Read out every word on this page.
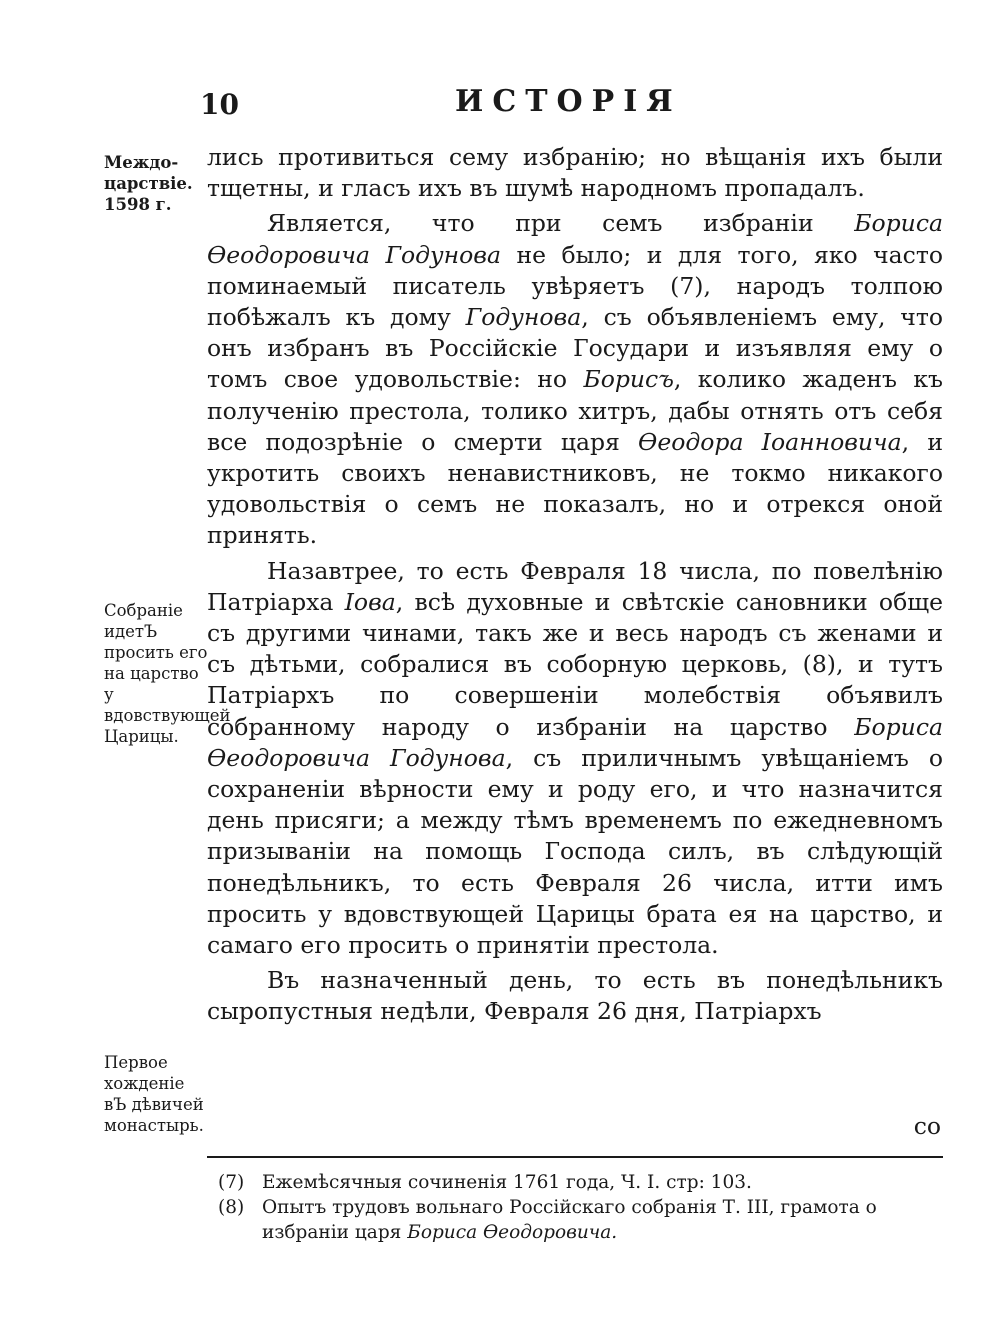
10	ИСТОРІЯ
Междо-царствіе. 1598 г.
Собраніе идетЪ просить его на царство у вдовствующей Царицы.
Первое хожденіе вЪ дѣвичей монастырь.

лись противиться сему избранію; но вѣщанія ихъ были тщетны, и гласъ ихъ въ шумѣ народномъ пропадалъ.

Является, что при семъ избраніи Бориса Өеодоровича Годунова не было; и для того, яко часто поминаемый писатель увѣряетъ (7), народъ толпою побѣжалъ къ дому Годунова, съ объявленіемъ ему, что онъ избранъ въ Россійскіе Государи и изъявляя ему о томъ свое удовольствіе: но Борисъ, колико жаденъ къ полученію престола, толико хитръ, дабы отнять отъ себя все подозрѣніе о смерти царя Өеодора Іоанновича, и укротить своихъ ненавистниковъ, не токмо никакого удовольствія о семъ не показалъ, но и отрекся оной принять.

Назавтрее, то есть Февраля 18 числа, по повелѣнію Патріарха Іова, всѣ духовные и свѣтскіе сановники обще съ другими чинами, такъ же и весь народъ съ женами и съ дѣтьми, собралися въ соборную церковь, (8), и тутъ Патріархъ по совершеніи молебствія объявилъ собранному народу о избраніи на царство Бориса Өеодоровича Годунова, съ приличнымъ увѣщаніемъ о сохраненіи вѣрности ему и роду его, и что назначится день присяги; а между тѣмъ временемъ по ежедневномъ призываніи на помощь Господа силъ, въ слѣдующій понедѣльникъ, то есть Февраля 26 числа, итти имъ просить у вдовствующей Царицы брата ея на царство, и самаго его просить о принятіи престола.

Въ назначенный день, то есть въ понедѣльникъ сыропустныя недѣли, Февраля 26 дня, Патріархъ

со
(7) Ежемѣсячныя сочиненія 1761 года, Ч. I. стр: 103.
(8) Опытъ трудовъ вольнаго Россійскаго собранія Т. III, грамота о избраніи царя Бориса Өеодоровича.
